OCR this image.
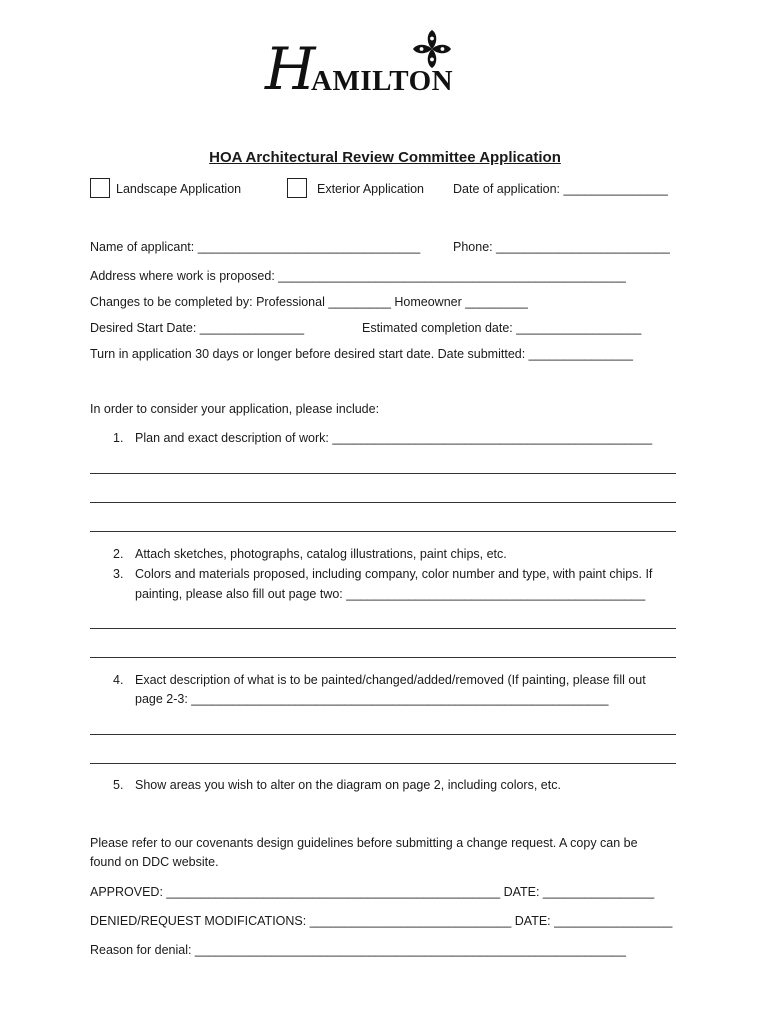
H
AMILTON
HOA Architectural Review Committee Application
Landscape Application	Exterior Application Date of application: _______________
Name of applicant: ________________________________	Phone: _________________________
Address where work is proposed: __________________________________________________
Changes to be completed by: Professional _________ Homeowner _________
Desired Start Date: _______________	Estimated completion date: __________________
Turn in application 30 days or longer before desired start date. Date submitted: _______________
In order to consider your application, please include:
1. Plan and exact description of work: ______________________________________________
2. Attach sketches, photographs, catalog illustrations, paint chips, etc.
3. Colors and materials proposed, including company, color number and type, with paint chips. If
painting, please also fill out page two: ___________________________________________
4. Exact description of what is to be painted/changed/added/removed (If painting, please fill out
page 2-3: ____________________________________________________________
5. Show areas you wish to alter on the diagram on page 2, including colors, etc.
Please refer to our covenants design guidelines before submitting a change request. A copy can be
found on DDC website.
APPROVED: ________________________________________________ DATE: ________________
DENIED/REQUEST MODIFICATIONS: _____________________________ DATE: _________________
Reason for denial: ______________________________________________________________
